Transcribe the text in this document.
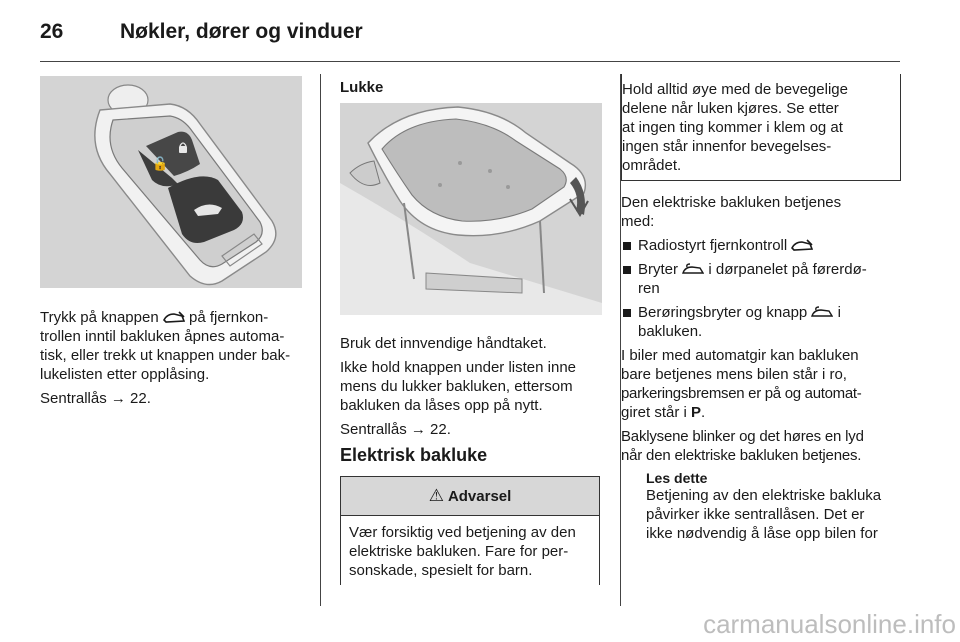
26	Nøkler, dører og vinduer
🔓

Trykk på knappen på fjernkon-

trollen inntil bakluken åpnes automa-

tisk, eller trekk ut knappen under bak-

lukelisten etter opplåsing.

Sentrallås → 22.

Lukke

Bruk det innvendige håndtaket.

Ikke hold knappen under listen inne

mens du lukker bakluken, ettersom

bakluken da låses opp på nytt.

Sentrallås → 22.

Elektrisk bakluke

⚠ Advarsel

Vær forsiktig ved betjening av den

elektriske bakluken. Fare for per-

sonskade, spesielt for barn.

Hold alltid øye med de bevegelige

delene når luken kjøres. Se etter

at ingen ting kommer i klem og at

ingen står innenfor bevegelses-

området.

Den elektriske bakluken betjenes

med:

Radiostyrt fjernkontroll
Bryter i dørpanelet på førerdø-

ren

Berøringsbryter og knapp i

bakluken.

I biler med automatgir kan bakluken

bare betjenes mens bilen står i ro,

parkeringsbremsen er på og automat-

giret står i P.

Baklysene blinker og det høres en lyd

når den elektriske bakluken betjenes.

Les dette

Betjening av den elektriske bakluka

påvirker ikke sentrallåsen. Det er

ikke nødvendig å låse opp bilen for

carmanualsonline.info
